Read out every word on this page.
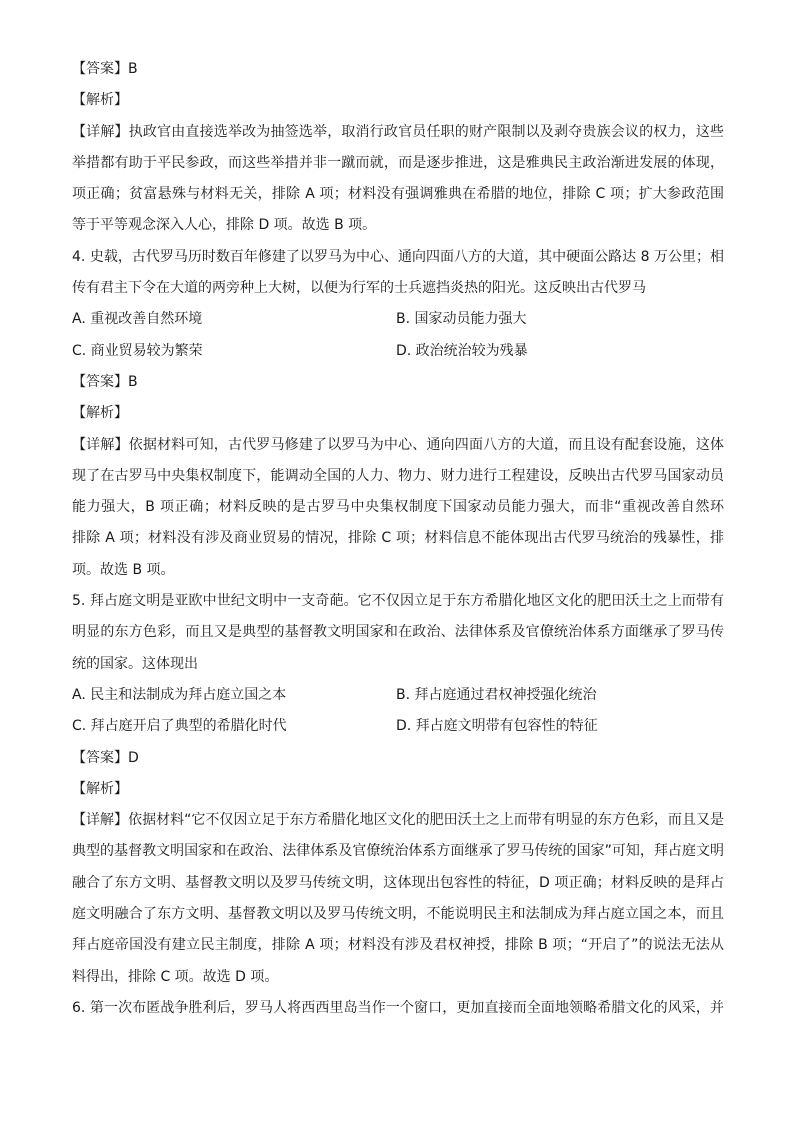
【答案】B
【解析】
【详解】执政官由直接选举改为抽签选举，取消行政官员任职的财产限制以及剥夺贵族会议的权力，这些
举措都有助于平民参政，而这些举措并非一蹴而就，而是逐步推进，这是雅典民主政治渐进发展的体现，
项正确；贫富悬殊与材料无关，排除 A 项；材料没有强调雅典在希腊的地位，排除 C 项；扩大参政范围
等于平等观念深入人心，排除 D 项。故选 B 项。
4. 史载，古代罗马历时数百年修建了以罗马为中心、通向四面八方的大道，其中硬面公路达 8 万公里；相
传有君主下令在大道的两旁种上大树，以便为行军的士兵遮挡炎热的阳光。这反映出古代罗马
A. 重视改善自然环境	B. 国家动员能力强大
C. 商业贸易较为繁荣	D. 政治统治较为残暴
【答案】B
【解析】
【详解】依据材料可知，古代罗马修建了以罗马为中心、通向四面八方的大道，而且设有配套设施，这体
现了在古罗马中央集权制度下，能调动全国的人力、物力、财力进行工程建设，反映出古代罗马国家动员
能力强大，B 项正确；材料反映的是古罗马中央集权制度下国家动员能力强大，而非“重视改善自然环
排除 A 项；材料没有涉及商业贸易的情况，排除 C 项；材料信息不能体现出古代罗马统治的残暴性，排
项。故选 B 项。
5. 拜占庭文明是亚欧中世纪文明中一支奇葩。它不仅因立足于东方希腊化地区文化的肥田沃土之上而带有
明显的东方色彩，而且又是典型的基督教文明国家和在政治、法律体系及官僚统治体系方面继承了罗马传
统的国家。这体现出
A. 民主和法制成为拜占庭立国之本	B. 拜占庭通过君权神授强化统治
C. 拜占庭开启了典型的希腊化时代	D. 拜占庭文明带有包容性的特征
【答案】D
【解析】
【详解】依据材料“它不仅因立足于东方希腊化地区文化的肥田沃土之上而带有明显的东方色彩，而且又是
典型的基督教文明国家和在政治、法律体系及官僚统治体系方面继承了罗马传统的国家”可知，拜占庭文明
融合了东方文明、基督教文明以及罗马传统文明，这体现出包容性的特征，D 项正确；材料反映的是拜占
庭文明融合了东方文明、基督教文明以及罗马传统文明，不能说明民主和法制成为拜占庭立国之本，而且
拜占庭帝国没有建立民主制度，排除 A 项；材料没有涉及君权神授，排除 B 项；“开启了”的说法无法从
料得出，排除 C 项。故选 D 项。
6. 第一次布匿战争胜利后，罗马人将西西里岛当作一个窗口，更加直接而全面地领略希腊文化的风采，并
